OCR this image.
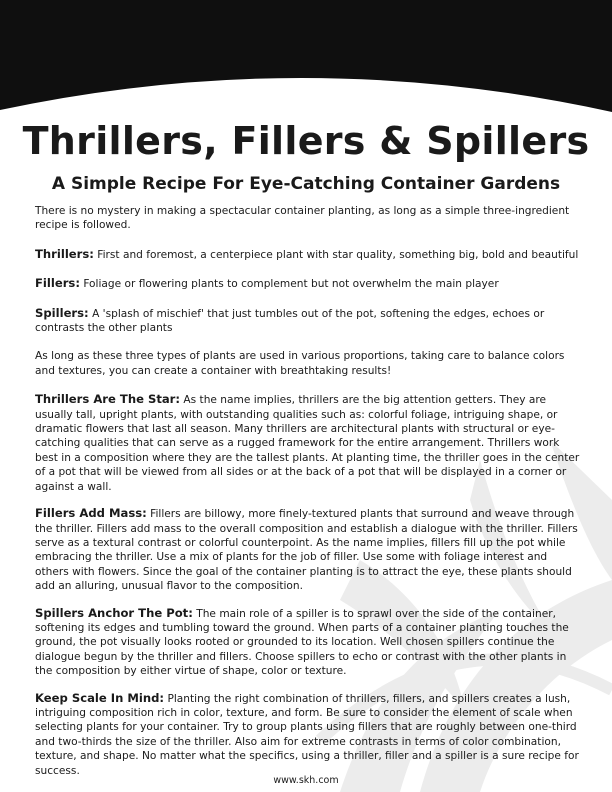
Thrillers, Fillers & Spillers
A Simple Recipe For Eye-Catching Container Gardens

There is no mystery in making a spectacular container planting, as long as a simple three-ingredient recipe is followed.

Thrillers: First and foremost, a centerpiece plant with star quality, something big, bold and beautiful

Fillers: Foliage or flowering plants to complement but not overwhelm the main player

Spillers: A 'splash of mischief' that just tumbles out of the pot, softening the edges, echoes or contrasts the other plants

As long as these three types of plants are used in various proportions, taking care to balance colors and textures, you can create a container with breathtaking results!

Thrillers Are The Star: As the name implies, thrillers are the big attention getters. They are usually tall, upright plants, with outstanding qualities such as: colorful foliage, intriguing shape, or dramatic flowers that last all season. Many thrillers are architectural plants with structural or eye-catching qualities that can serve as a rugged framework for the entire arrangement. Thrillers work best in a composition where they are the tallest plants. At planting time, the thriller goes in the center of a pot that will be viewed from all sides or at the back of a pot that will be displayed in a corner or against a wall.

Fillers Add Mass: Fillers are billowy, more finely-textured plants that surround and weave through the thriller. Fillers add mass to the overall composition and establish a dialogue with the thriller. Fillers serve as a textural contrast or colorful counterpoint. As the name implies, fillers fill up the pot while embracing the thriller. Use a mix of plants for the job of filler. Use some with foliage interest and others with flowers. Since the goal of the container planting is to attract the eye, these plants should add an alluring, unusual flavor to the composition.

Spillers Anchor The Pot: The main role of a spiller is to sprawl over the side of the container, softening its edges and tumbling toward the ground. When parts of a container planting touches the ground, the pot visually looks rooted or grounded to its location. Well chosen spillers continue the dialogue begun by the thriller and fillers. Choose spillers to echo or contrast with the other plants in the composition by either virtue of shape, color or texture.

Keep Scale In Mind: Planting the right combination of thrillers, fillers, and spillers creates a lush, intriguing composition rich in color, texture, and form. Be sure to consider the element of scale when selecting plants for your container. Try to group plants using fillers that are roughly between one-third and two-thirds the size of the thriller. Also aim for extreme contrasts in terms of color combination, texture, and shape. No matter what the specifics, using a thriller, filler and a spiller is a sure recipe for success.

www.skh.com
